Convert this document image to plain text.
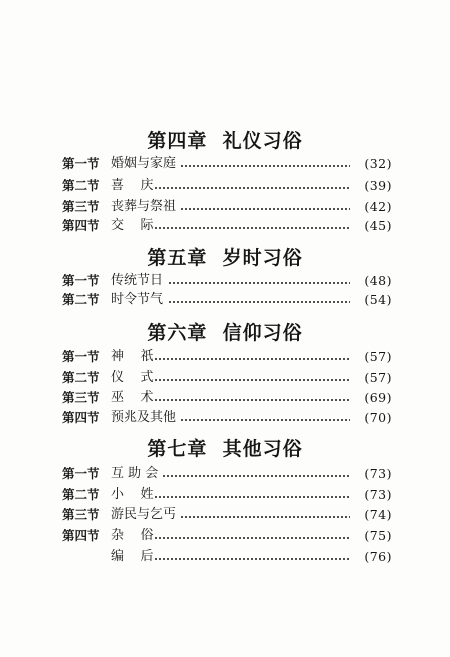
第四章  礼仪习俗
第一节 婚姻与家庭	(32)
第二节 喜    庆	(39)
第三节 丧葬与祭祖	(42)
第四节 交    际	(45)
第五章  岁时习俗
第一节 传统节日	(48)
第二节 时令节气	(54)
第六章  信仰习俗
第一节 神    祇	(57)
第二节 仪    式	(57)
第三节 巫    术	(69)
第四节 预兆及其他	(70)
第七章  其他习俗
第一节 互 助 会	(73)
第二节 小    姓	(73)
第三节 游民与乞丐	(74)
第四节 杂    俗	(75)
编    后	(76)
